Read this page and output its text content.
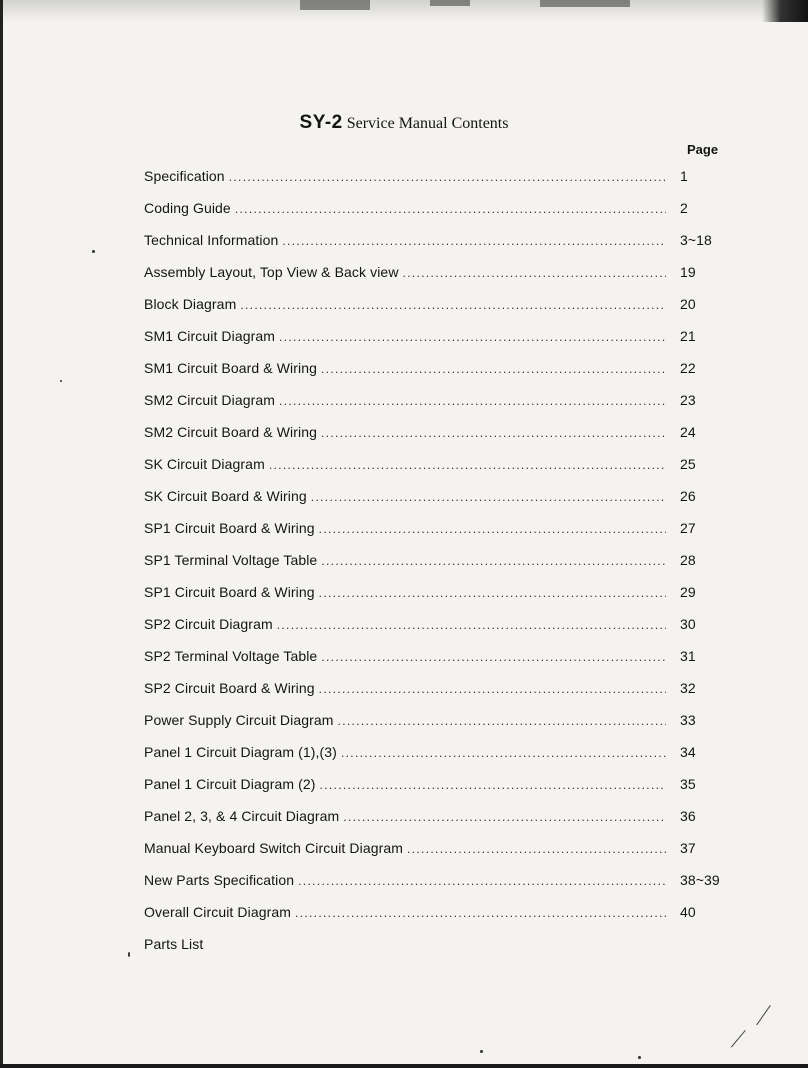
SY-2 Service Manual Contents
Page
Specification . . .	1
Coding Guide . . .	2
Technical Information . . .	3~18
Assembly Layout, Top View & Back view . . .	19
Block Diagram . . .	20
SM1 Circuit Diagram . . .	21
SM1 Circuit Board & Wiring . . .	22
SM2 Circuit Diagram . . .	23
SM2 Circuit Board & Wiring . . .	24
SK Circuit Diagram . . .	25
SK Circuit Board & Wiring . . .	26
SP1 Circuit Board & Wiring . . .	27
SP1 Terminal Voltage Table . . .	28
SP1 Circuit Board & Wiring . . .	29
SP2 Circuit Diagram . . .	30
SP2 Terminal Voltage Table . . .	31
SP2 Circuit Board & Wiring . . .	32
Power Supply Circuit Diagram . . .	33
Panel 1 Circuit Diagram (1),(3) . . .	34
Panel 1 Circuit Diagram (2) . . .	35
Panel 2, 3, & 4 Circuit Diagram . . .	36
Manual Keyboard Switch Circuit Diagram . . .	37
New Parts Specification . . .	38~39
Overall Circuit Diagram . . .	40
Parts List
